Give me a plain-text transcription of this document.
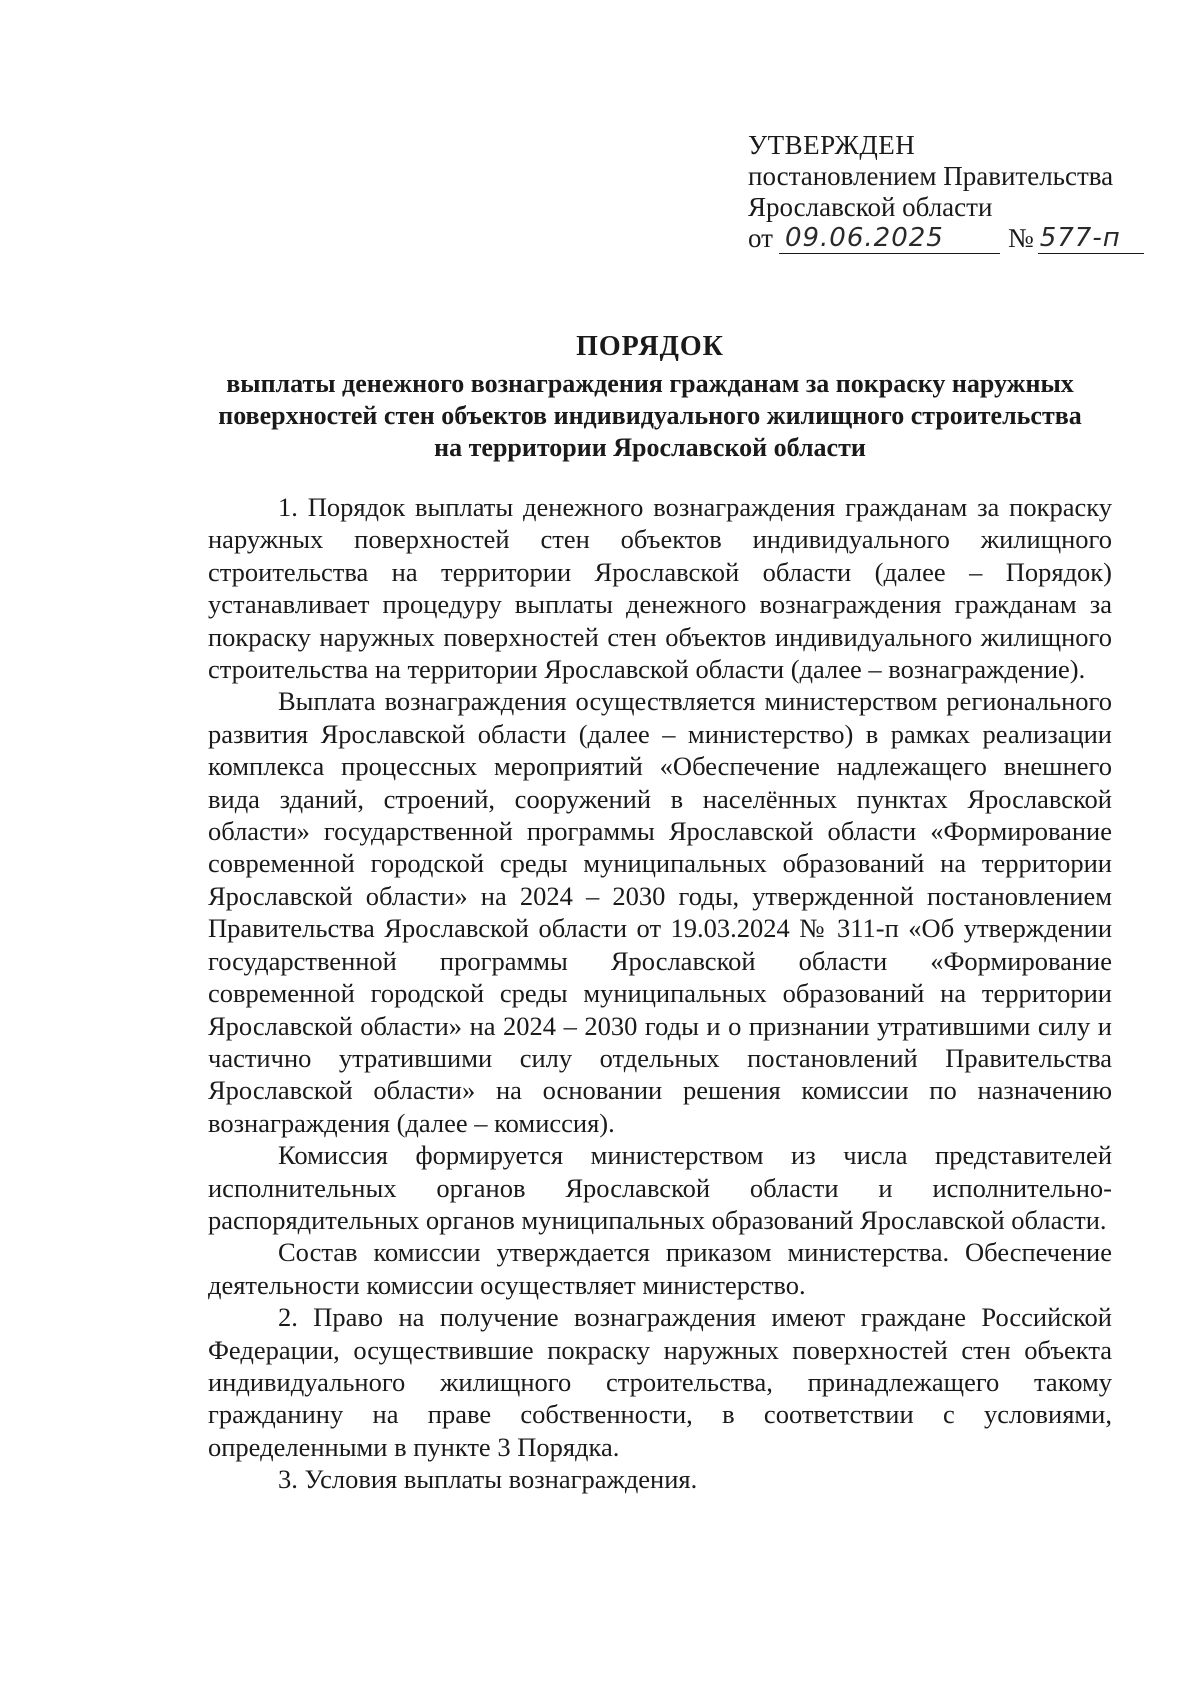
УТВЕРЖДЕН
постановлением Правительства
Ярославской области
от 09.06.2025	№ 577-п
ПОРЯДОК
выплаты денежного вознаграждения гражданам за покраску наружных
поверхностей стен объектов индивидуального жилищного строительства
на территории Ярославской области

1. Порядок выплаты денежного вознаграждения гражданам за покраску наружных поверхностей стен объектов индивидуального жилищного строительства на территории Ярославской области (далее – Порядок) устанавливает процедуру выплаты денежного вознаграждения гражданам за покраску наружных поверхностей стен объектов индивидуального жилищного строительства на территории Ярославской области (далее – вознаграждение).

Выплата вознаграждения осуществляется министерством регионального развития Ярославской области (далее – министерство) в рамках реализации комплекса процессных мероприятий «Обеспечение надлежащего внешнего вида зданий, строений, сооружений в населённых пунктах Ярославской области» государственной программы Ярославской области «Формирование современной городской среды муниципальных образований на территории Ярославской области» на 2024 – 2030 годы, утвержденной постановлением Правительства Ярославской области от 19.03.2024 № 311-п «Об утверждении государственной программы Ярославской области «Формирование современной городской среды муниципальных образований на территории Ярославской области» на 2024 – 2030 годы и о признании утратившими силу и частично утратившими силу отдельных постановлений Правительства Ярославской области» на основании решения комиссии по назначению вознаграждения (далее – комиссия).

Комиссия формируется министерством из числа представителей исполнительных органов Ярославской области и исполнительно-распорядительных органов муниципальных образований Ярославской области.

Состав комиссии утверждается приказом министерства. Обеспечение деятельности комиссии осуществляет министерство.

2. Право на получение вознаграждения имеют граждане Российской Федерации, осуществившие покраску наружных поверхностей стен объекта индивидуального жилищного строительства, принадлежащего такому гражданину на праве собственности, в соответствии с условиями, определенными в пункте 3 Порядка.

3. Условия выплаты вознаграждения.
